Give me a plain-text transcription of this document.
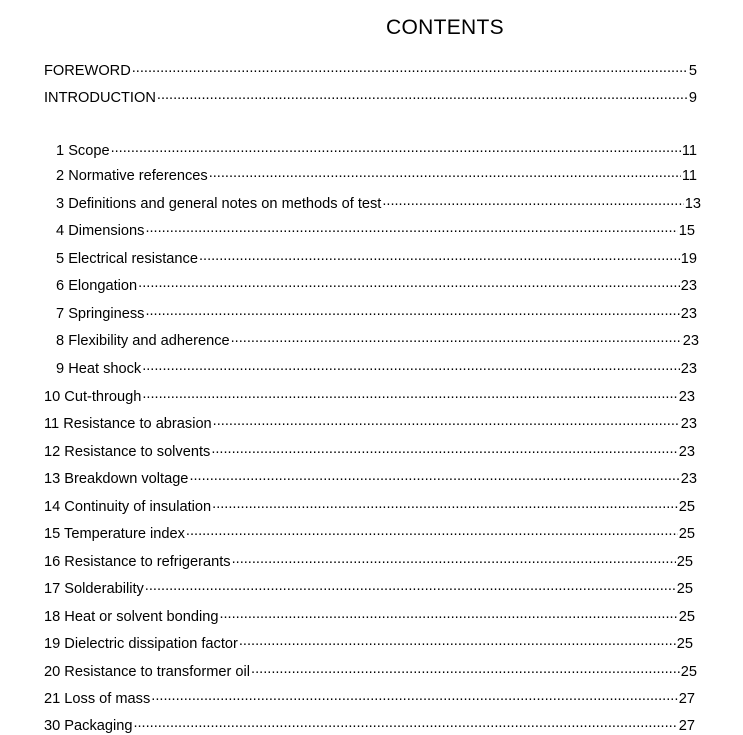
CONTENTS
FOREWORD .....	5
INTRODUCTION .....	9
1 Scope .....	11
2 Normative references .....	11
3 Definitions and general notes on methods of test .....	13
4 Dimensions .....	15
5 Electrical resistance .....	19
6 Elongation .....	23
7 Springiness .....	23
8 Flexibility and adherence .....	23
9 Heat shock .....	23
10 Cut-through .....	23
11 Resistance to abrasion .....	23
12 Resistance to solvents .....	23
13 Breakdown voltage .....	23
14 Continuity of insulation .....	25
15 Temperature index .....	25
16 Resistance to refrigerants .....	25
17 Solderability .....	25
18 Heat or solvent bonding .....	25
19 Dielectric dissipation factor .....	25
20 Resistance to transformer oil .....	25
21 Loss of mass .....	27
30 Packaging .....	27
